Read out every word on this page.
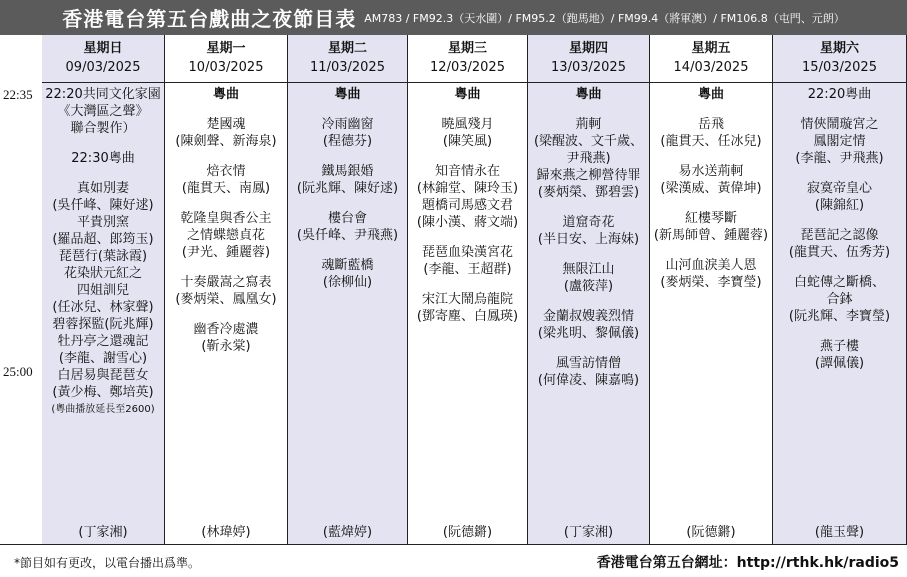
香港電台第五台戲曲之夜節目表 AM783 / FM92.3（天水圍）/ FM95.2（跑馬地）/ FM99.4（將軍澳）/ FM106.8（屯門、元朗）
22:35
25:00
星期日
09/03/2025
22:20共同文化家園
《大灣區之聲》
聯合製作）
22:30粵曲
真如別妻
(吳仟峰、陳好逑)
平貴別窯
(羅品超、郎筠玉)
琵琶行(葉詠霞)
花染狀元紅之
四姐訓兒
(任冰兒、林家聲)
碧蓉探監(阮兆輝)
牡丹亭之還魂記
(李龍、謝雪心)
白居易與琵琶女
(黃少梅、鄭培英)
(粵曲播放延長至2600)
(丁家湘)
星期一
10/03/2025
粵曲
楚國魂
(陳劍聲、新海泉)
焙衣情
(龍貫天、南鳳)
乾隆皇與香公主
之情蝶戀貞花
(尹光、鍾麗蓉)
十奏嚴嵩之寫表
(麥炳榮、鳳凰女)
幽香冷處濃
(靳永棠)
(林瑋婷)
星期二
11/03/2025
粵曲
冷雨幽窗
(程德芬)
鐵馬銀婚
(阮兆輝、陳好逑)
樓台會
(吳仟峰、尹飛燕)
魂斷藍橋
(徐柳仙)
(藍煒婷)
星期三
12/03/2025
粵曲
曉風殘月
(陳笑風)
知音情永在
(林錦堂、陳玲玉)
題橋司馬感文君
(陳小漢、蔣文端)
琵琶血染漢宮花
(李龍、王超群)
宋江大鬧烏龍院
(鄧寄塵、白鳳瑛)
(阮德鏘)
星期四
13/03/2025
粵曲
荊軻
(梁醒波、文千歲、
尹飛燕)
歸來燕之柳營待罪
(麥炳榮、鄧碧雲)
道窟奇花
(半日安、上海妹)
無限江山
(盧筱萍)
金蘭叔嫂義烈情
(梁兆明、黎佩儀)
風雪訪情僧
(何偉凌、陳嘉鳴)
(丁家湘)
星期五
14/03/2025
粵曲
岳飛
(龍貫天、任冰兒)
易水送荊軻
(梁漢威、黃偉坤)
紅樓琴斷
(新馬師曾、鍾麗蓉)
山河血淚美人恩
(麥炳榮、李寶瑩)
(阮德鏘)
星期六
15/03/2025
22:20粵曲
情俠鬧璇宮之
鳳閣定情
(李龍、尹飛燕)
寂寞帝皇心
(陳錦紅)
琵琶記之認像
(龍貫天、伍秀芳)
白蛇傳之斷橋、
合鉢
(阮兆輝、李寶瑩)
燕子樓
(譚佩儀)
(龍玉聲)
*節目如有更改，以電台播出爲準。	香港電台第五台網址：http://rthk.hk/radio5
